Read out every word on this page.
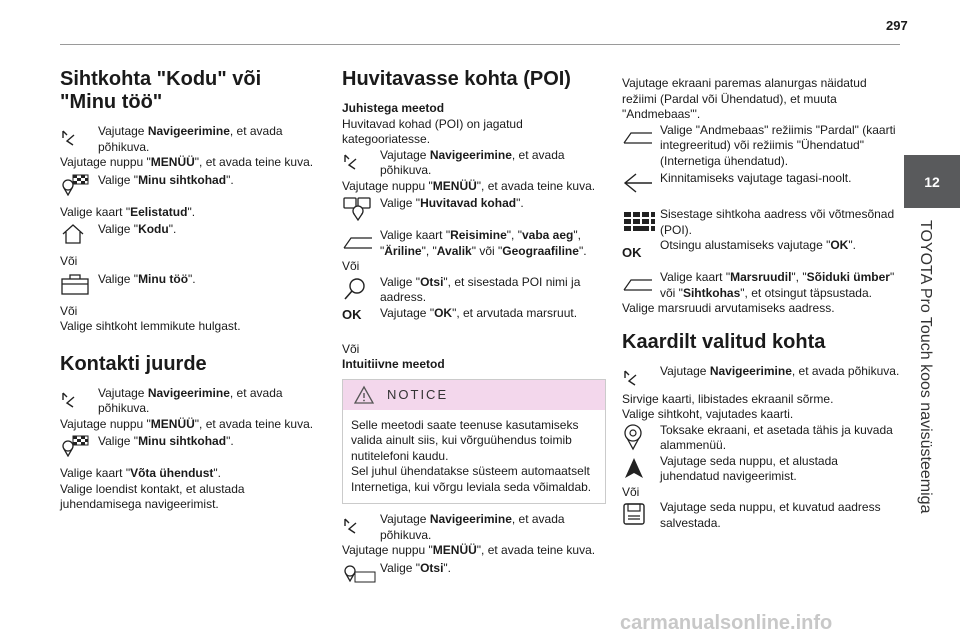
297
12
TOYOTA Pro Touch koos navisüsteemiga
Sihtkohta "Kodu" või "Minu töö"
Vajutage Navigeerimine, et avada põhikuva.

Vajutage nuppu "MENÜÜ", et avada teine kuva.

Valige "Minu sihtkohad".

Valige kaart "Eelistatud".

Valige "Kodu".

Või

Valige "Minu töö".

Või

Valige sihtkoht lemmikute hulgast.

Kontakti juurde
Vajutage Navigeerimine, et avada põhikuva.

Vajutage nuppu "MENÜÜ", et avada teine kuva.

Valige "Minu sihtkohad".

Valige kaart "Võta ühendust".

Valige loendist kontakt, et alustada juhendamisega navigeerimist.

Huvitavasse kohta (POI)

Juhistega meetod

Huvitavad kohad (POI) on jagatud kategooriatesse.

Vajutage Navigeerimine, et avada põhikuva.

Vajutage nuppu "MENÜÜ", et avada teine kuva.

Valige "Huvitavad kohad".
Valige kaart "Reisimine", "vaba aeg", "Äriline", "Avalik" või "Geograafiline".

Või

Valige "Otsi", et sisestada POI nimi ja aadress.
OK Vajutage "OK", et arvutada marsruut.

Või

Intuitiivne meetod

NOTICE
Selle meetodi saate teenuse kasutamiseks valida ainult siis, kui võrguühendus toimib nutitelefoni kaudu.
Sel juhul ühendatakse süsteem automaatselt Internetiga, kui võrgu leviala seda võimaldab.
Vajutage Navigeerimine, et avada põhikuva.

Vajutage nuppu "MENÜÜ", et avada teine kuva.

Valige "Otsi".

Vajutage ekraani paremas alanurgas näidatud režiimi (Pardal või Ühendatud), et muuta "Andmebaas"'.

Valige "Andmebaas" režiimis "Pardal" (kaarti integreeritud) või režiimis "Ühendatud" (Internetiga ühendatud).
Kinnitamiseks vajutage tagasi-noolt.
Sisestage sihtkoha aadress või võtmesõnad (POI).
OK Otsingu alustamiseks vajutage "OK".
Valige kaart "Marsruudil", "Sõiduki ümber" või "Sihtkohas", et otsingut täpsustada.

Valige marsruudi arvutamiseks aadress.

Kaardilt valitud kohta
Vajutage Navigeerimine, et avada põhikuva.

Sirvige kaarti, libistades ekraanil sõrme.

Valige sihtkoht, vajutades kaarti.

Toksake ekraani, et asetada tähis ja kuvada alammenüü.
Vajutage seda nuppu, et alustada juhendatud navigeerimist.

Või

Vajutage seda nuppu, et kuvatud aadress salvestada.
carmanualsonline.info
